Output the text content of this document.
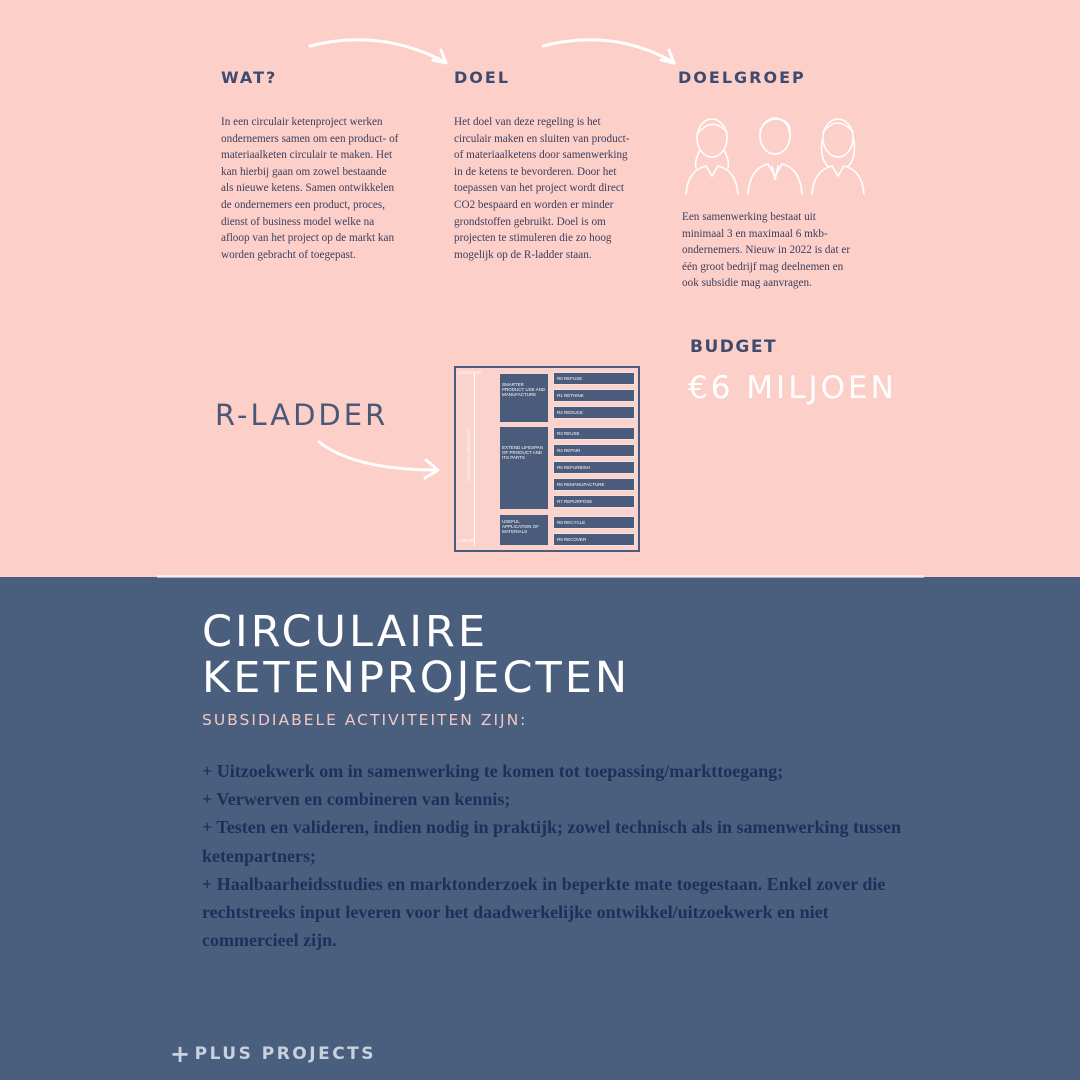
WAT?
In een circulair ketenproject werken ondernemers samen om een product- of materiaalketen circulair te maken. Het kan hierbij gaan om zowel bestaande als nieuwe ketens. Samen ontwikkelen de ondernemers een product, proces, dienst of business model welke na afloop van het project op de markt kan worden gebracht of toegepast.
DOEL
Het doel van deze regeling is het circulair maken en sluiten van product- of materiaalketens door samenwerking in de ketens te bevorderen. Door het toepassen van het project wordt direct CO2 bespaard en worden er minder grondstoffen gebruikt. Doel is om projecten te stimuleren die zo hoog mogelijk op de R-ladder staan.
DOELGROEP
Een samenwerking bestaat uit minimaal 3 en maximaal 6 mkb-ondernemers. Nieuw in 2022 is dat er één groot bedrijf mag deelnemen en ook subsidie mag aanvragen.
BUDGET
€6 MILJOEN
R-LADDER
CIRCULAR
INCREASING CIRCULARITY
LINEAR
SMARTER PRODUCT USE AND MANUFACTURE
EXTEND LIFESPAN OF PRODUCT AND ITS PARTS
USEFUL APPLICATION OF MATERIALS
R0 REFUSE
R1 RETHINK
R2 REDUCE
R3 REUSE
R4 REPAIR
R5 REFURBISH
R6 REMANUFACTURE
R7 REPURPOSE
R8 RECYCLE
R9 RECOVER
CIRCULAIRE
KETENPROJECTEN
SUBSIDIABELE ACTIVITEITEN ZIJN:
+ Uitzoekwerk om in samenwerking te komen tot toepassing/markttoegang;
+ Verwerven en combineren van kennis;
+ Testen en valideren, indien nodig in praktijk; zowel technisch als in samenwerking tussen ketenpartners;
+ Haalbaarheidsstudies en marktonderzoek in beperkte mate toegestaan. Enkel zover die rechtstreeks input leveren voor het daadwerkelijke ontwikkel/uitzoekwerk en niet commercieel zijn.
+ PLUS PROJECTS
